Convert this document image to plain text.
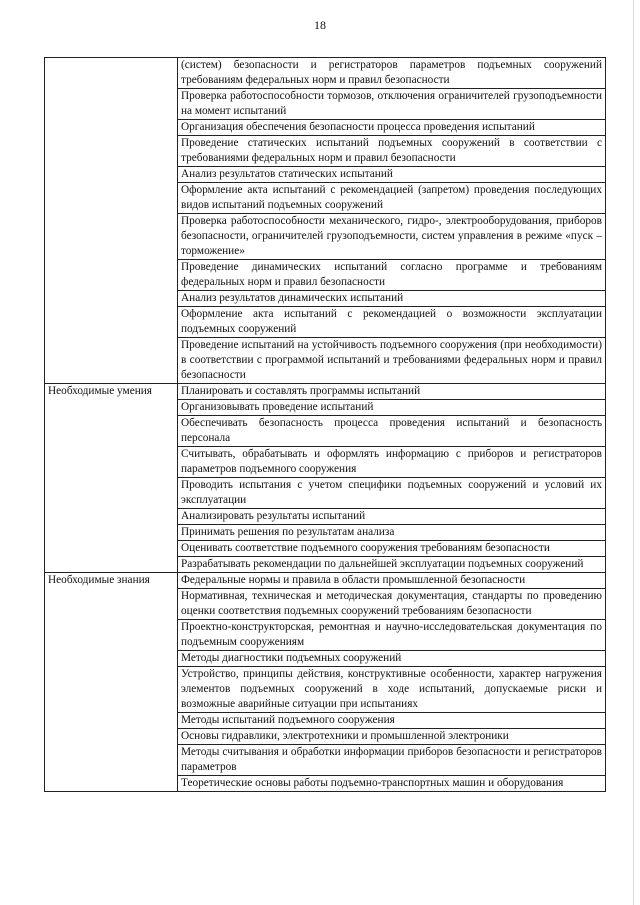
18
	(систем) безопасности и регистраторов параметров подъемных сооружений требованиям федеральных норм и правил безопасности
	Проверка работоспособности тормозов, отключения ограничителей грузоподъемности на момент испытаний
	Организация обеспечения безопасности процесса проведения испытаний
	Проведение статических испытаний подъемных сооружений в соответствии с требованиями федеральных норм и правил безопасности
	Анализ результатов статических испытаний
	Оформление акта испытаний с рекомендацией (запретом) проведения последующих видов испытаний подъемных сооружений
	Проверка работоспособности механического, гидро-, электрооборудования, приборов безопасности, ограничителей грузоподъемности, систем управления в режиме «пуск – торможение»
	Проведение динамических испытаний согласно программе и требованиям федеральных норм и правил безопасности
	Анализ результатов динамических испытаний
	Оформление акта испытаний с рекомендацией о возможности эксплуатации подъемных сооружений
	Проведение испытаний на устойчивость подъемного сооружения (при необходимости) в соответствии с программой испытаний и требованиями федеральных норм и правил безопасности
Необходимые умения	Планировать и составлять программы испытаний
	Организовывать проведение испытаний
	Обеспечивать безопасность процесса проведения испытаний и безопасность персонала
	Считывать, обрабатывать и оформлять информацию с приборов и регистраторов параметров подъемного сооружения
	Проводить испытания с учетом специфики подъемных сооружений и условий их эксплуатации
	Анализировать результаты испытаний
	Принимать решения по результатам анализа
	Оценивать соответствие подъемного сооружения требованиям безопасности
	Разрабатывать рекомендации по дальнейшей эксплуатации подъемных сооружений
Необходимые знания	Федеральные нормы и правила в области промышленной безопасности
	Нормативная, техническая и методическая документация, стандарты по проведению оценки соответствия подъемных сооружений требованиям безопасности
	Проектно-конструкторская, ремонтная и научно-исследовательская документация по подъемным сооружениям
	Методы диагностики подъемных сооружений
	Устройство, принципы действия, конструктивные особенности, характер нагружения элементов подъемных сооружений в ходе испытаний, допускаемые риски и возможные аварийные ситуации при испытаниях
	Методы испытаний подъемного сооружения
	Основы гидравлики, электротехники и промышленной электроники
	Методы считывания и обработки информации приборов безопасности и регистраторов параметров
	Теоретические основы работы подъемно-транспортных машин и оборудования
